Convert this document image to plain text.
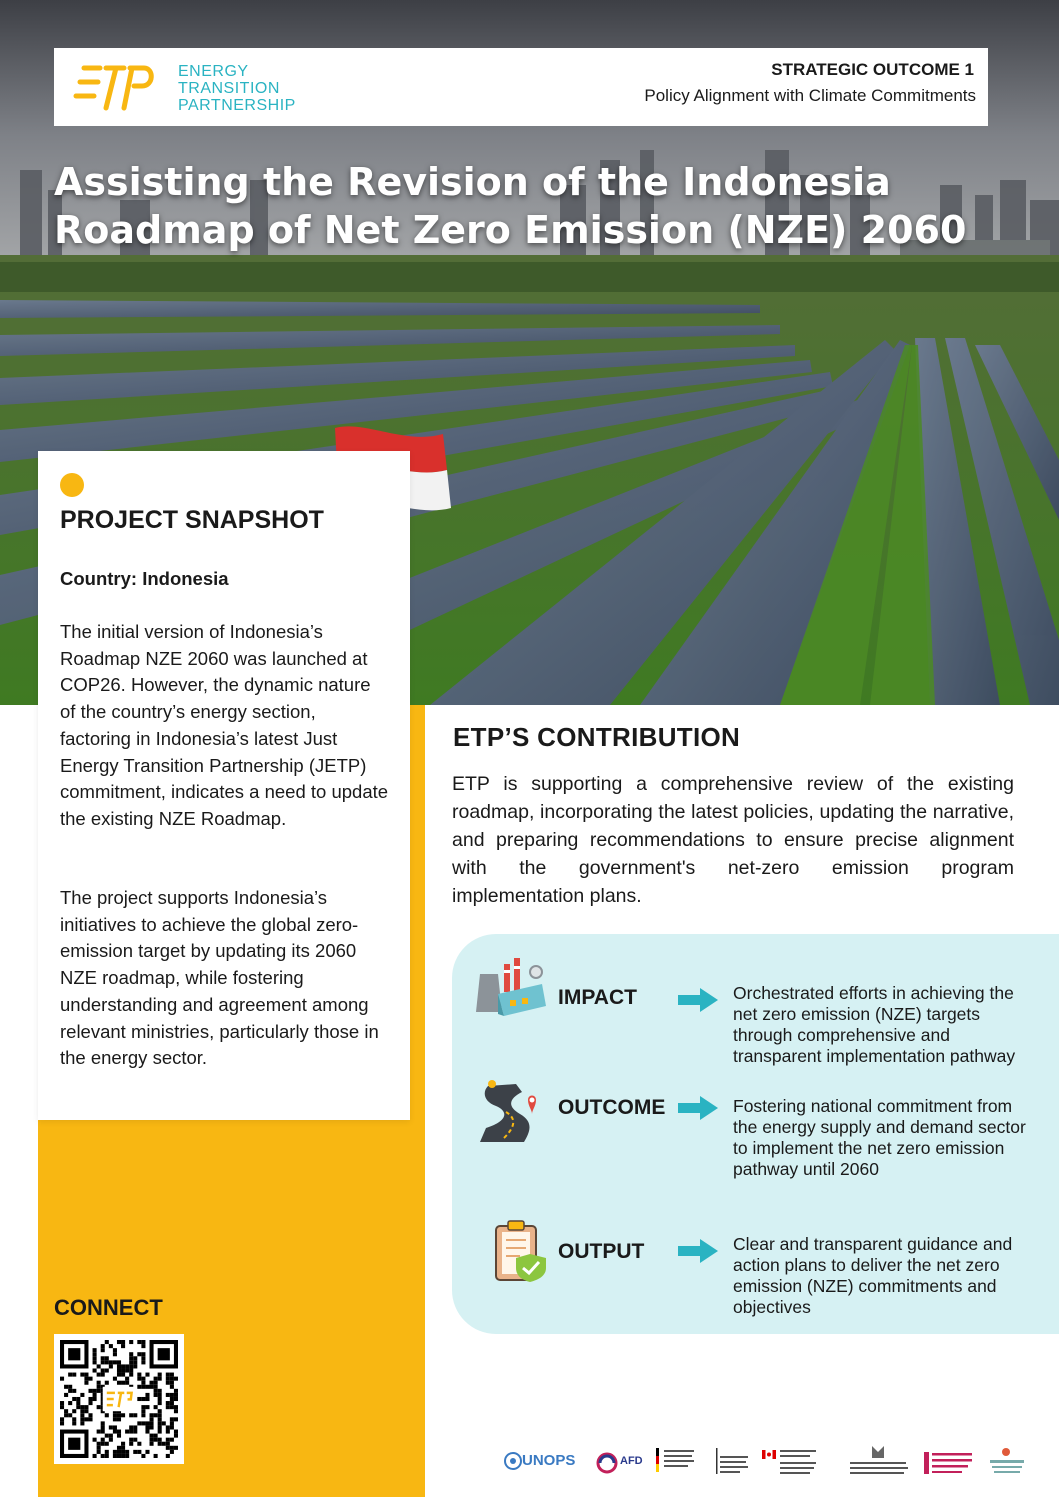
ENERGY
TRANSITION
PARTNERSHIP
STRATEGIC OUTCOME 1
Policy Alignment with Climate Commitments
Assisting the Revision of the Indonesia Roadmap of Net Zero Emission (NZE) 2060
PROJECT SNAPSHOT
Country: Indonesia

The initial version of Indonesia’s Roadmap NZE 2060 was launched at COP26. However, the dynamic nature of the country’s energy section, factoring in Indonesia’s latest Just Energy Transition Partnership (JETP) commitment, indicates a need to update the existing NZE Roadmap.

The project supports Indonesia’s initiatives to achieve the global zero-emission target by updating its 2060 NZE roadmap, while fostering understanding and agreement among relevant ministries, particularly those in the energy sector.

CONNECT
ETP’S CONTRIBUTION

ETP is supporting a comprehensive review of the existing roadmap, incorporating the latest policies, updating the narrative, and preparing recommendations to ensure precise alignment with the government's net-zero emission program implementation plans.

IMPACT	Orchestrated efforts in achieving the net zero emission (NZE) targets through comprehensive and transparent implementation pathway
OUTCOME	Fostering national commitment from the energy supply and demand sector to implement the net zero emission pathway until 2060
OUTPUT	Clear and transparent guidance and action plans to deliver the net zero emission (NZE) commitments and objectives
UNOPS	AFD
